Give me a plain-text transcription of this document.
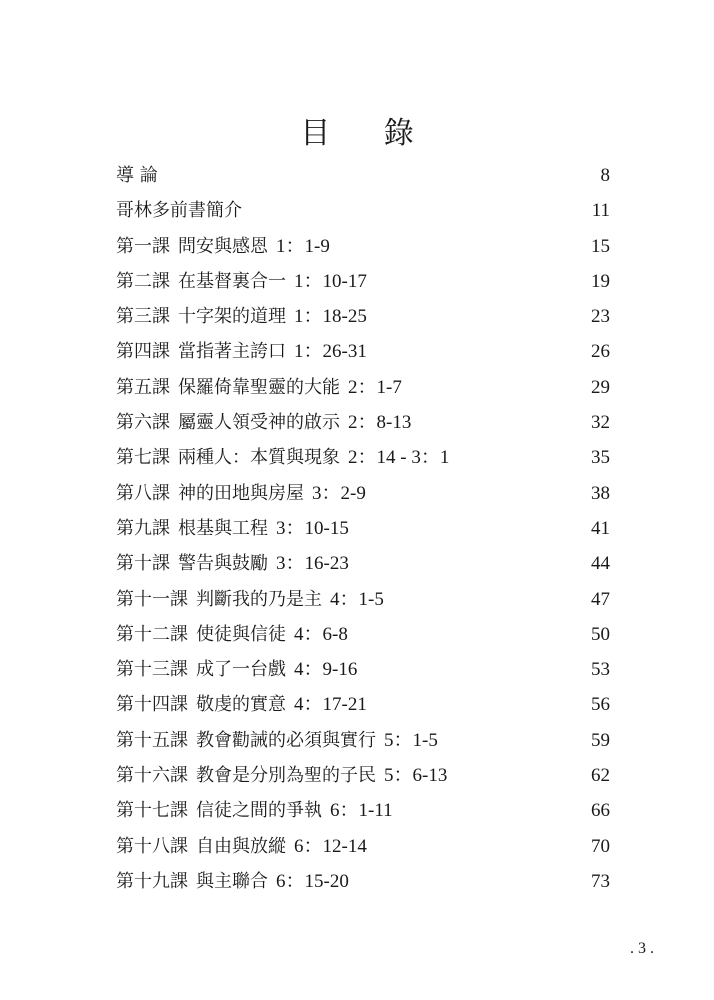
目 錄
導 論	8
哥林多前書簡介	11
第一課 問安與感恩 1：1-9	15
第二課 在基督裏合一 1：10-17	19
第三課 十字架的道理 1：18-25	23
第四課 當指著主誇口 1：26-31	26
第五課 保羅倚靠聖靈的大能 2：1-7	29
第六課 屬靈人領受神的啟示 2：8-13	32
第七課 兩種人：本質與現象 2：14 - 3：1	35
第八課 神的田地與房屋 3：2-9	38
第九課 根基與工程 3：10-15	41
第十課 警告與鼓勵 3：16-23	44
第十一課 判斷我的乃是主 4：1-5	47
第十二課 使徒與信徒 4：6-8	50
第十三課 成了一台戲 4：9-16	53
第十四課 敬虔的實意 4：17-21	56
第十五課 教會勸誡的必須與實行 5：1-5	59
第十六課 教會是分別為聖的子民 5：6-13	62
第十七課 信徒之間的爭執 6：1-11	66
第十八課 自由與放縱 6：12-14	70
第十九課 與主聯合 6：15-20	73
. 3 .
